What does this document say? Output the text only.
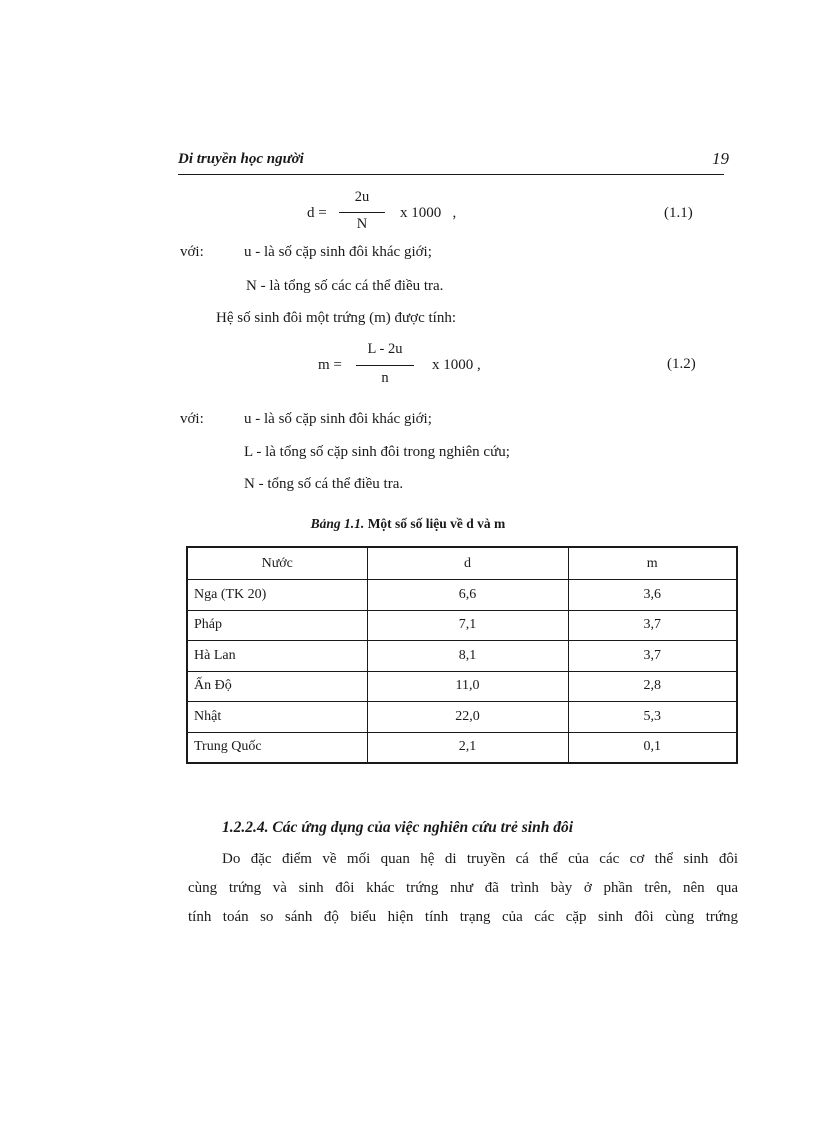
Di truyền học người	19
d =
2u
N
x 1000   ,	(1.1)
với:	u - là số cặp sinh đôi khác giới;
N - là tổng số các cá thể điều tra.
Hệ số sinh đôi một trứng (m) được tính:
m =
L - 2u
n
x 1000 ,	(1.2)
với:	u - là số cặp sinh đôi khác giới;
L - là tổng số cặp sinh đôi trong nghiên cứu;
N - tổng số cá thể điều tra.
Bảng 1.1. Một số số liệu về d và m
Nước	d	m
Nga (TK 20)	6,6	3,6
Pháp	7,1	3,7
Hà Lan	8,1	3,7
Ấn Độ	11,0	2,8
Nhật	22,0	5,3
Trung Quốc	2,1	0,1
1.2.2.4. Các ứng dụng của việc nghiên cứu trẻ sinh đôi
Do đặc điểm về mối quan hệ di truyền cá thể của các cơ thể sinh đôi
cùng trứng và sinh đôi khác trứng như đã trình bày ở phần trên, nên qua
tính toán so sánh độ biểu hiện tính trạng của các cặp sinh đôi cùng trứng
